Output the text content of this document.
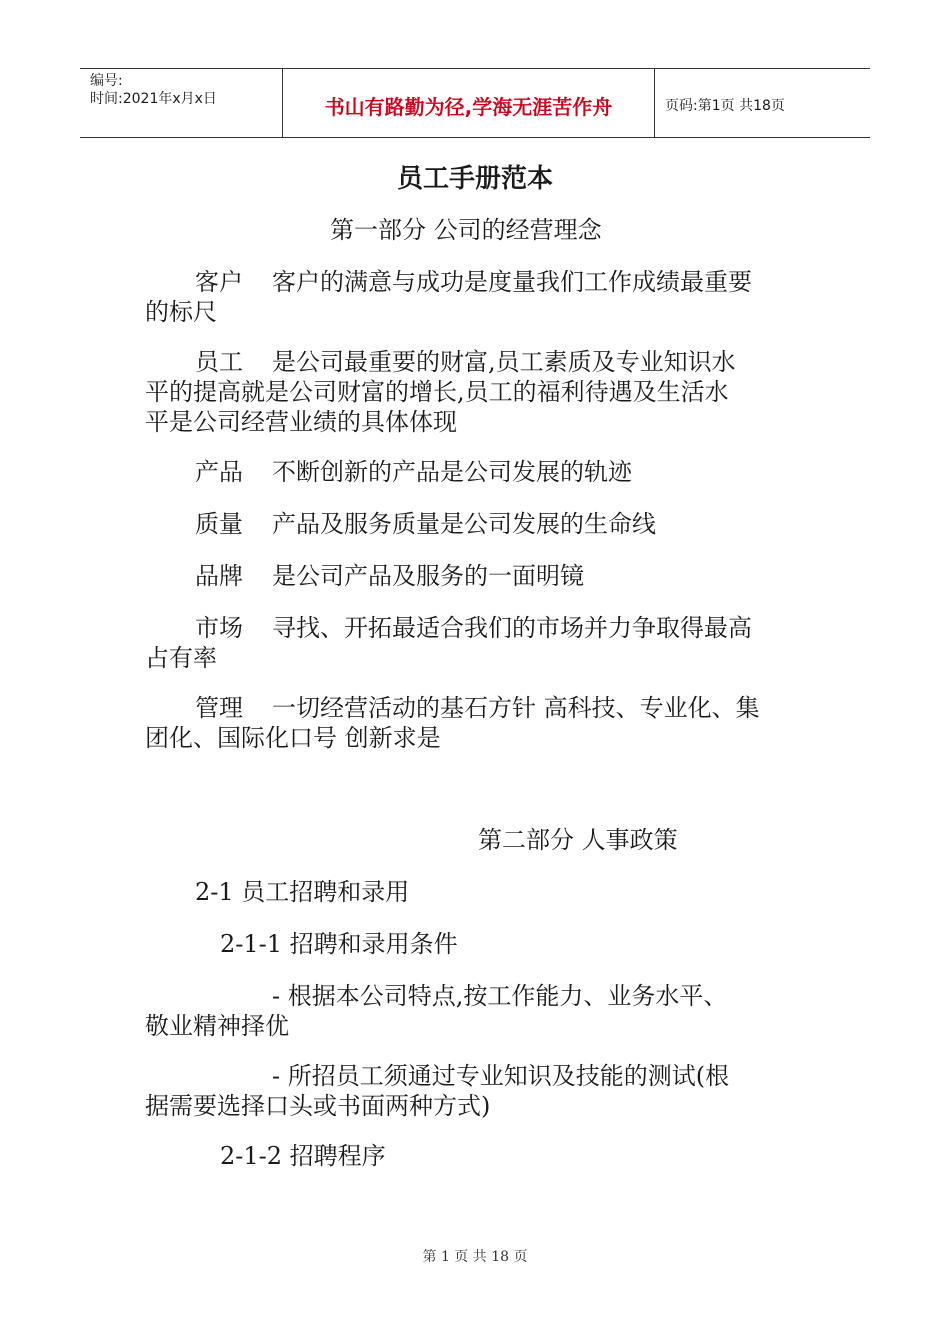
编号:
时间:2021年x月x日	书山有路勤为径,学海无涯苦作舟	页码:第1页 共18页
员工手册范本
第一部分 公司的经营理念
客户 客户的满意与成功是度量我们工作成绩最重要
的标尺
员工 是公司最重要的财富,员工素质及专业知识水
平的提高就是公司财富的增长,员工的福利待遇及生活水
平是公司经营业绩的具体体现
产品 不断创新的产品是公司发展的轨迹
质量 产品及服务质量是公司发展的生命线
品牌 是公司产品及服务的一面明镜
市场 寻找、开拓最适合我们的市场并力争取得最高
占有率
管理 一切经营活动的基石方针 高科技、专业化、集
团化、国际化口号 创新求是
第二部分 人事政策
2-1 员工招聘和录用
2-1-1 招聘和录用条件
- 根据本公司特点,按工作能力、业务水平、
敬业精神择优
- 所招员工须通过专业知识及技能的测试(根
据需要选择口头或书面两种方式)
2-1-2 招聘程序
第 1 页 共 18 页
